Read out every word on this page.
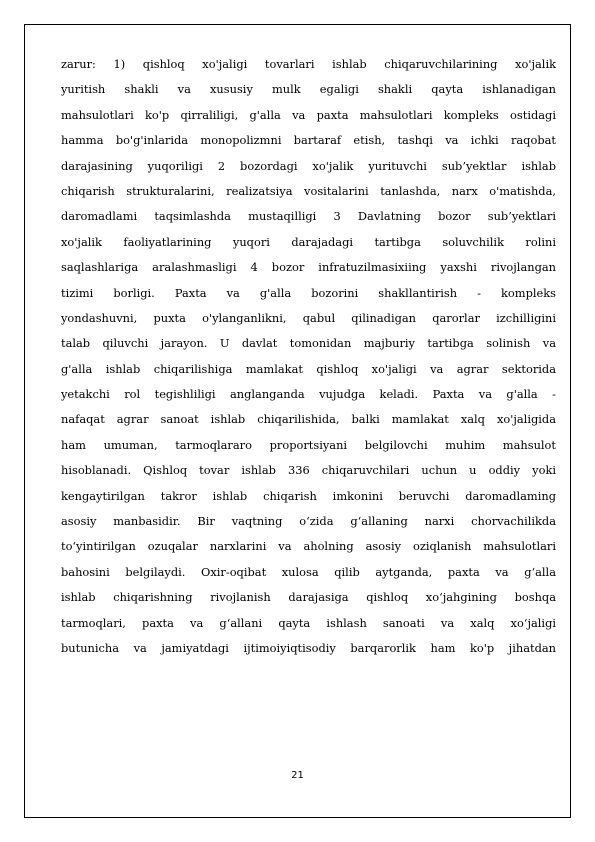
zarur: 1) qishloq xo'jaligi tovarlari ishlab chiqaruvchilarining xo'jalik
yuritish shakli va xususiy mulk egaligi shakli qayta ishlanadigan
mahsulotlari ko'p qirraliligi, g'alla va paxta mahsulotlari kompleks ostidagi
hamma bo'g'inlarida monopolizmni bartaraf etish, tashqi va ichki raqobat
darajasining yuqoriligi 2 bozordagi xo'jalik yurituvchi sub’yektlar ishlab
chiqarish strukturalarini, realizatsiya vositalarini tanlashda, narx o'matishda,
daromadlami taqsimlashda mustaqilligi 3 Davlatning bozor sub’yektlari
xo'jalik faoliyatlarining yuqori darajadagi tartibga soluvchilik rolini
saqlashlariga aralashmasligi 4 bozor infratuzilmasixiing yaxshi rivojlangan
tizimi borligi. Paxta va g'alla bozorini shakllantirish - kompleks
yondashuvni, puxta o'ylanganlikni, qabul qilinadigan qarorlar izchilligini
talab qiluvchi jarayon. U davlat tomonidan majburiy tartibga solinish va
g'alla ishlab chiqarilishiga mamlakat qishloq xo'jaligi va agrar sektorida
yetakchi rol tegishliligi anglanganda vujudga keladi. Paxta va g'alla -
nafaqat agrar sanoat ishlab chiqarilishida, balki mamlakat xalq xo'jaligida
ham umuman, tarmoqlararo proportsiyani belgilovchi muhim mahsulot
hisoblanadi. Qishloq tovar ishlab 336 chiqaruvchilari uchun u oddiy yoki
kengaytirilgan takror ishlab chiqarish imkonini beruvchi daromadlaming
asosiy manbasidir. Bir vaqtning o‘zida g‘allaning narxi chorvachilikda
to‘yintirilgan ozuqalar narxlarini va aholning asosiy oziqlanish mahsulotlari
bahosini belgilaydi. Oxir-oqibat xulosa qilib aytganda, paxta va g‘alla
ishlab chiqarishning rivojlanish darajasiga qishloq xo‘jahgining boshqa
tarmoqlari, paxta va g‘allani qayta ishlash sanoati va xalq xo‘jaligi
butunicha va jamiyatdagi ijtimoiyiqtisodiy barqarorlik ham ko'p jihatdan
21
